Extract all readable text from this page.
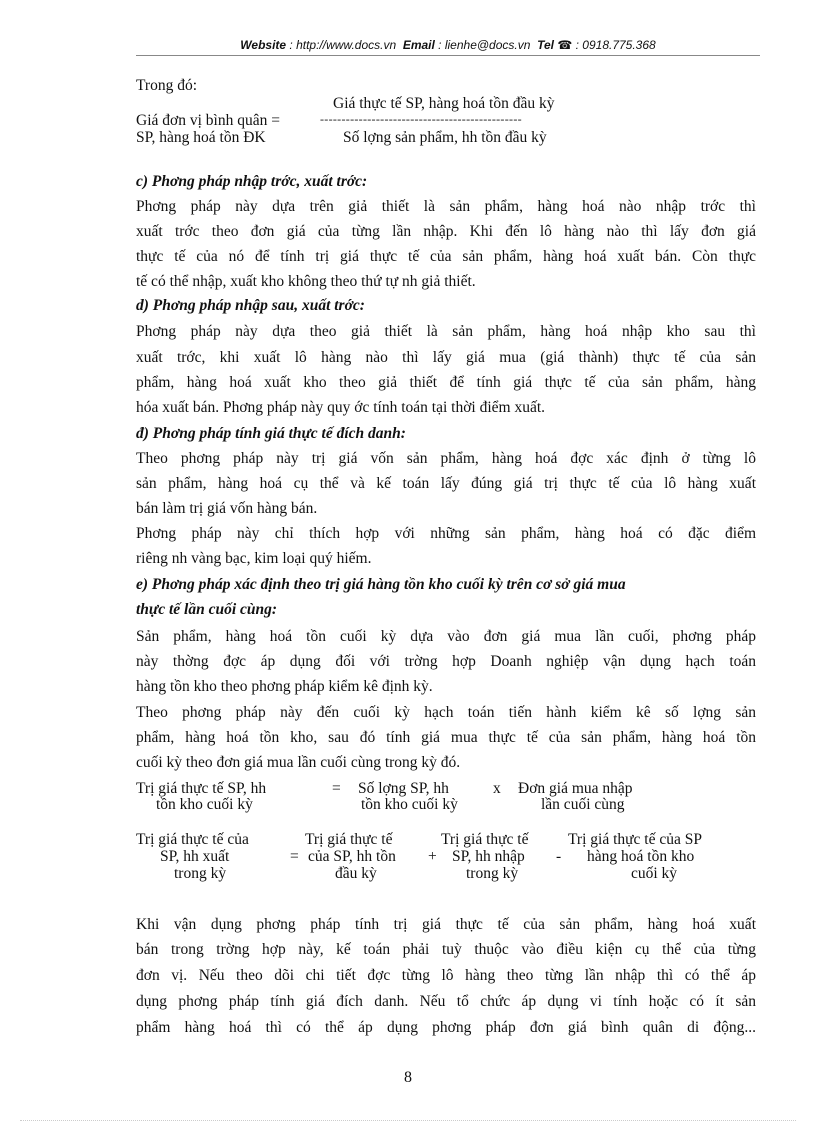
Website : http://www.docs.vn Email : lienhe@docs.vn Tel ☎ : 0918.775.368
Trong đó:
Giá thực tế SP, hàng hoá tồn đầu kỳ
Giá đơn vị bình quân =	-----------------------------------------------
SP, hàng hoá tồn ĐK	Số lợng sản phẩm, hh tồn đầu kỳ
c) Phơng pháp nhập trớc, xuất trớc:
Phơng pháp này dựa trên giả thiết là sản phẩm, hàng hoá nào nhập trớc thì
xuất trớc theo đơn giá của từng lần nhập. Khi đến lô hàng nào thì lấy đơn giá
thực tế của nó để tính trị giá thực tế của sản phẩm, hàng hoá xuất bán. Còn thực
tế có thể nhập, xuất kho không theo thứ tự nh giả thiết.
d) Phơng pháp nhập sau, xuất trớc:
Phơng pháp này dựa theo giả thiết là sản phẩm, hàng hoá nhập kho sau thì
xuất trớc, khi xuất lô hàng nào thì lấy giá mua (giá thành) thực tế của sản
phẩm, hàng hoá xuất kho theo giả thiết để tính giá thực tế của sản phẩm, hàng
hóa xuất bán. Phơng pháp này quy ớc tính toán tại thời điểm xuất.
đ) Phơng pháp tính giá thực tế đích danh:
Theo phơng pháp này trị giá vốn sản phẩm, hàng hoá đợc xác định ở từng lô
sản phẩm, hàng hoá cụ thể và kế toán lấy đúng giá trị thực tế của lô hàng xuất
bán làm trị giá vốn hàng bán.
Phơng pháp này chỉ thích hợp với những sản phẩm, hàng hoá có đặc điểm
riêng nh vàng bạc, kim loại quý hiếm.
e) Phơng pháp xác định theo trị giá hàng tồn kho cuối kỳ trên cơ sở giá mua
thực tế lần cuối cùng:
Sản phẩm, hàng hoá tồn cuối kỳ dựa vào đơn giá mua lần cuối, phơng pháp
này thờng đợc áp dụng đối với trờng hợp Doanh nghiệp vận dụng hạch toán
hàng tồn kho theo phơng pháp kiểm kê định kỳ.
Theo phơng pháp này đến cuối kỳ hạch toán tiến hành kiểm kê số lợng sản
phẩm, hàng hoá tồn kho, sau đó tính giá mua thực tế của sản phẩm, hàng hoá tồn
cuối kỳ theo đơn giá mua lần cuối cùng trong kỳ đó.
Trị giá thực tế SP, hh
tồn kho cuối kỳ
= Số lợng SP, hh
tồn kho cuối kỳ
x Đơn giá mua nhập
lần cuối cùng
Trị giá thực tế của
SP, hh xuất
trong kỳ
=
Trị giá thực tế
của SP, hh tồn
đầu kỳ
+
Trị giá thực tế
SP, hh nhập
trong kỳ
-
Trị giá thực tế của SP
hàng hoá tồn kho
cuối kỳ
Khi vận dụng phơng pháp tính trị giá thực tế của sản phẩm, hàng hoá xuất
bán trong trờng hợp này, kế toán phải tuỳ thuộc vào điều kiện cụ thể của từng
đơn vị. Nếu theo dõi chi tiết đợc từng lô hàng theo từng lần nhập thì có thể áp
dụng phơng pháp tính giá đích danh. Nếu tổ chức áp dụng vi tính hoặc có ít sản
phẩm hàng hoá thì có thể áp dụng phơng pháp đơn giá bình quân di động...
8
